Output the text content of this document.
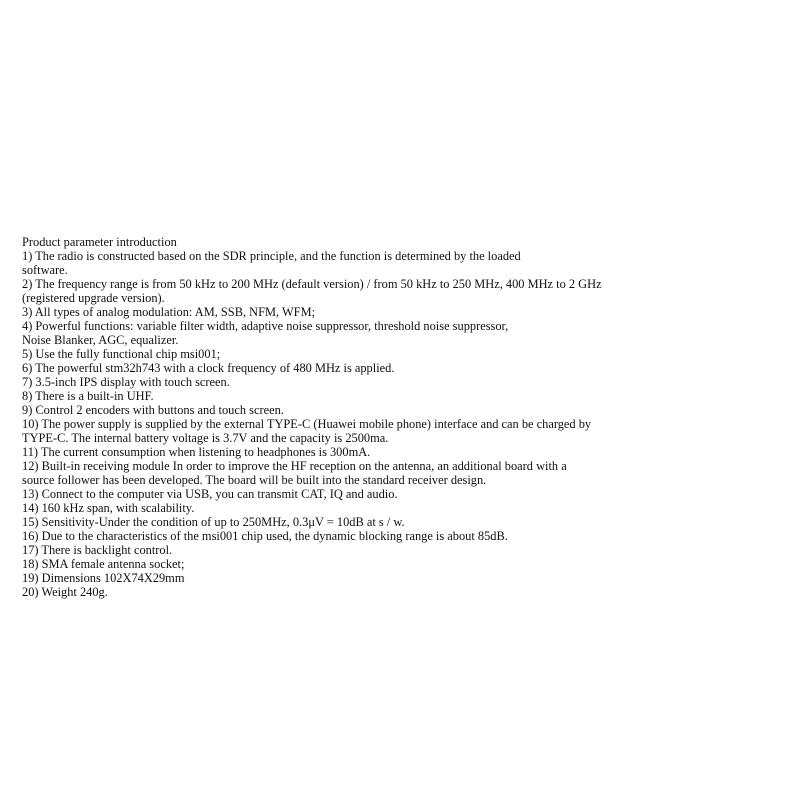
Product parameter introduction
1) The radio is constructed based on the SDR principle, and the function is determined by the loaded
software.
2) The frequency range is from 50 kHz to 200 MHz (default version) / from 50 kHz to 250 MHz, 400 MHz to 2 GHz
(registered upgrade version).
3) All types of analog modulation: AM, SSB, NFM, WFM;
4) Powerful functions: variable filter width, adaptive noise suppressor, threshold noise suppressor,
Noise Blanker, AGC, equalizer.
5) Use the fully functional chip msi001;
6) The powerful stm32h743 with a clock frequency of 480 MHz is applied.
7) 3.5-inch IPS display with touch screen.
8) There is a built-in UHF.
9) Control 2 encoders with buttons and touch screen.
10) The power supply is supplied by the external TYPE-C (Huawei mobile phone) interface and can be charged by
TYPE-C. The internal battery voltage is 3.7V and the capacity is 2500ma.
11) The current consumption when listening to headphones is 300mA.
12) Built-in receiving module In order to improve the HF reception on the antenna, an additional board with a
source follower has been developed. The board will be built into the standard receiver design.
13) Connect to the computer via USB, you can transmit CAT, IQ and audio.
14) 160 kHz span, with scalability.
15) Sensitivity-Under the condition of up to 250MHz, 0.3μV = 10dB at s / w.
16) Due to the characteristics of the msi001 chip used, the dynamic blocking range is about 85dB.
17) There is backlight control.
18) SMA female antenna socket;
19) Dimensions 102X74X29mm
20) Weight 240g.
